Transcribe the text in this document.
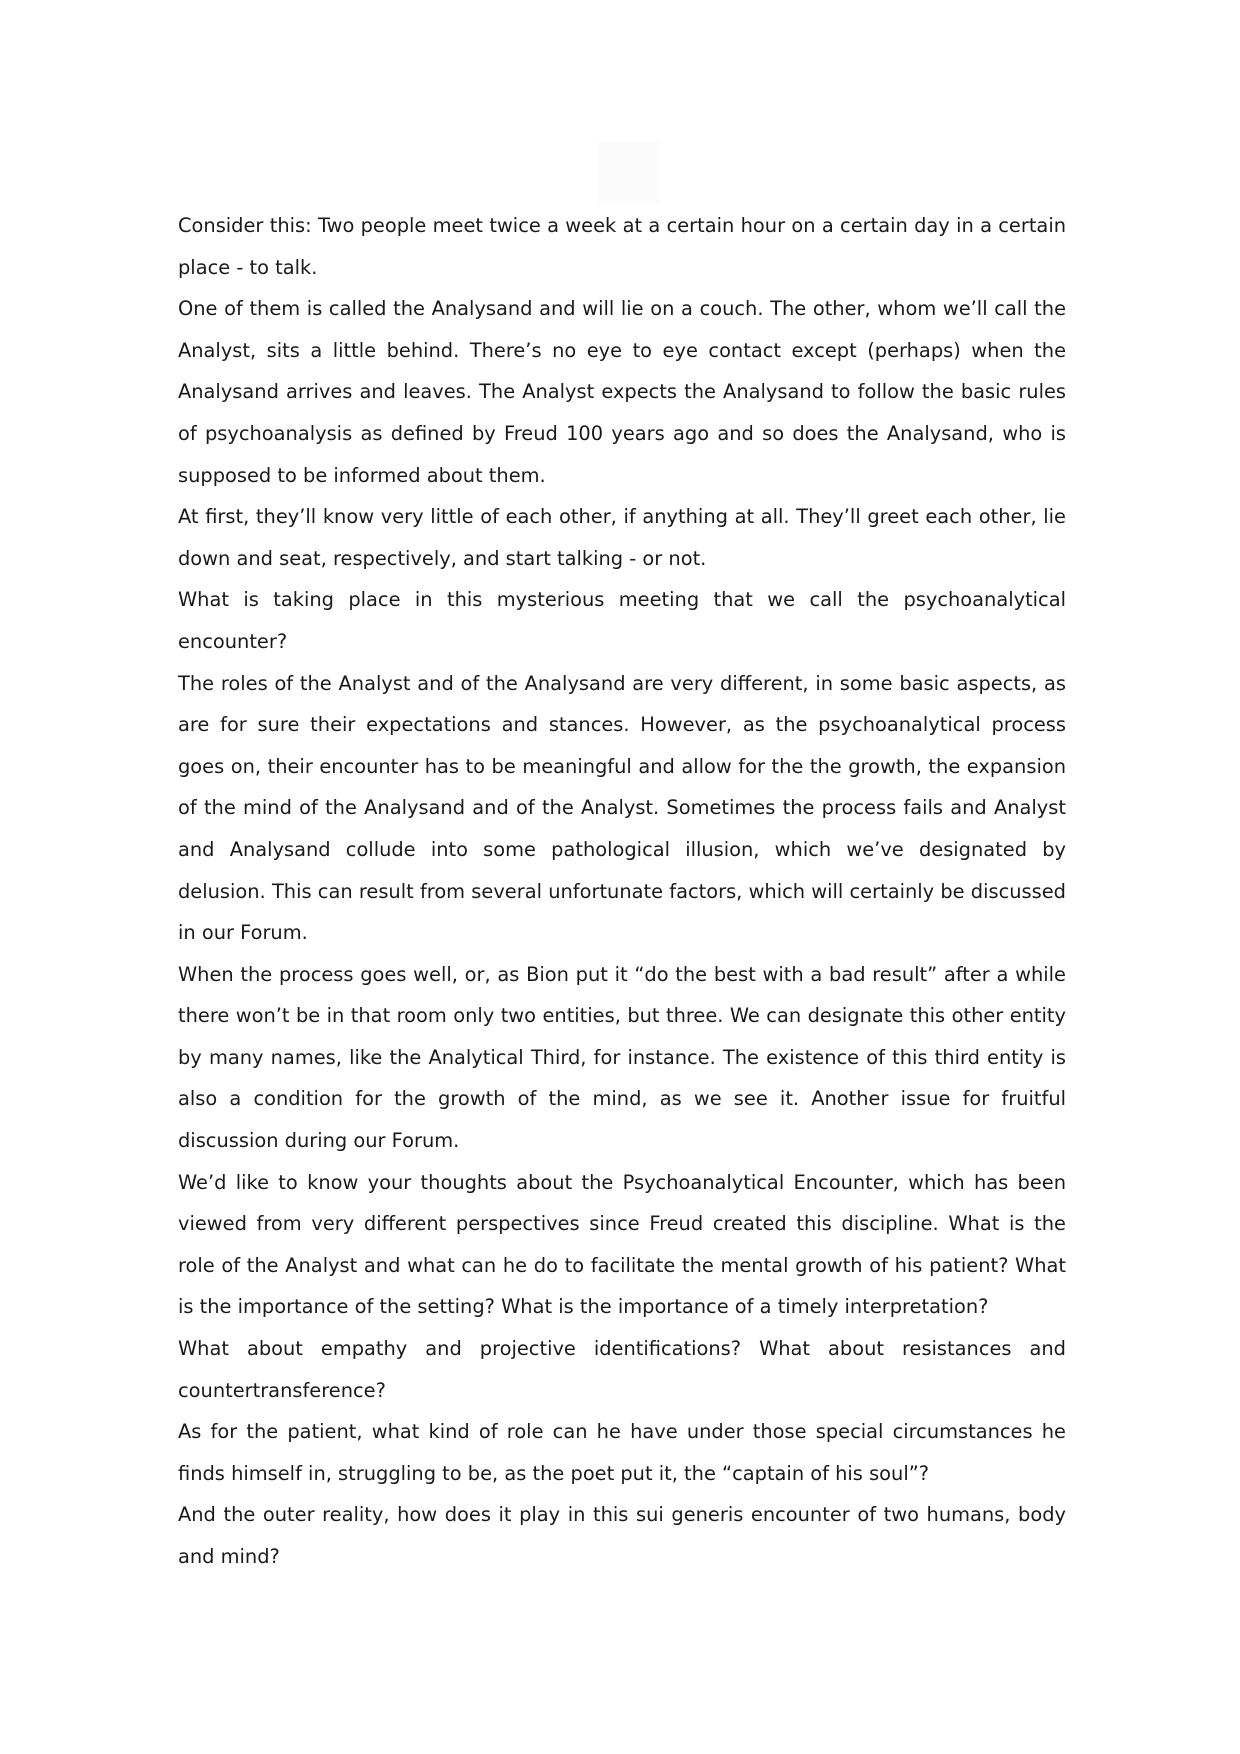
Consider this: Two people meet twice a week at a certain hour on a certain day in a certain place - to talk.

One of them is called the Analysand and will lie on a couch. The other, whom we’ll call the Analyst, sits a little behind. There’s no eye to eye contact except (perhaps) when the Analysand arrives and leaves. The Analyst expects the Analysand to follow the basic rules of psychoanalysis as defined by Freud 100 years ago and so does the Analysand, who is supposed to be informed about them.

At first, they’ll know very little of each other, if anything at all. They’ll greet each other, lie down and seat, respectively, and start talking - or not.

What is taking place in this mysterious meeting that we call the psychoanalytical encounter?

The roles of the Analyst and of the Analysand are very different, in some basic aspects, as are for sure their expectations and stances. However, as the psychoanalytical process goes on, their encounter has to be meaningful and allow for the the growth, the expansion of the mind of the Analysand and of the Analyst. Sometimes the process fails and Analyst and Analysand collude into some pathological illusion, which we’ve designated by delusion. This can result from several unfortunate factors, which will certainly be discussed in our Forum.

When the process goes well, or, as Bion put it “do the best with a bad result” after a while there won’t be in that room only two entities, but three. We can designate this other entity by many names, like the Analytical Third, for instance. The existence of this third entity is also a condition for the growth of the mind, as we see it. Another issue for fruitful discussion during our Forum.

We’d like to know your thoughts about the Psychoanalytical Encounter, which has been viewed from very different perspectives since Freud created this discipline. What is the role of the Analyst and what can he do to facilitate the mental growth of his patient? What is the importance of the setting? What is the importance of a timely interpretation?

What about empathy and projective identifications? What about resistances and countertransference?

As for the patient, what kind of role can he have under those special circumstances he finds himself in, struggling to be, as the poet put it, the “captain of his soul”?

And the outer reality, how does it play in this sui generis encounter of two humans, body and mind?
